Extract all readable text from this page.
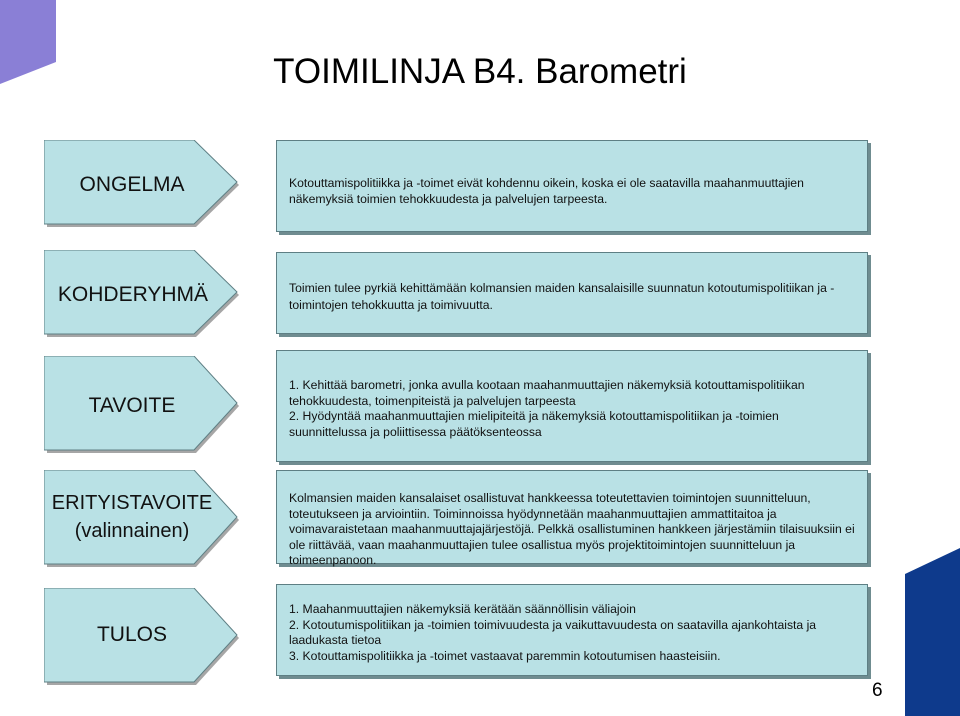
TOIMILINJA B4. Barometri
ONGELMA	Kotouttamispolitiikka ja -toimet eivät kohdennu oikein, koska ei ole saatavilla maahanmuuttajien näkemyksiä toimien tehokkuudesta ja palvelujen tarpeesta.

KOHDERYHMÄ	Toimien tulee pyrkiä kehittämään kolmansien maiden kansalaisille suunnatun kotoutumispolitiikan ja -toimintojen tehokkuutta ja toimivuutta.

TAVOITE

1. Kehittää barometri, jonka avulla kootaan maahanmuuttajien näkemyksiä kotouttamispolitiikan tehokkuudesta, toimenpiteistä ja palvelujen tarpeesta

2. Hyödyntää maahanmuuttajien mielipiteitä ja näkemyksiä kotouttamispolitiikan ja -toimien suunnittelussa ja poliittisessa päätöksenteossa

ERITYISTAVOITE
(valinnainen)

Kolmansien maiden kansalaiset osallistuvat hankkeessa toteutettavien toimintojen suunnitteluun, toteutukseen ja arviointiin. Toiminnoissa hyödynnetään maahanmuuttajien ammattitaitoa ja voimavaraistetaan maahanmuuttajajärjestöjä. Pelkkä osallistuminen hankkeen järjestämiin tilaisuuksiin ei ole riittävää, vaan maahanmuuttajien tulee osallistua myös projektitoimintojen suunnitteluun ja toimeenpanoon.

TULOS

1. Maahanmuuttajien näkemyksiä kerätään säännöllisin väliajoin

2. Kotoutumispolitiikan ja -toimien toimivuudesta ja vaikuttavuudesta on saatavilla ajankohtaista ja laadukasta tietoa

3. Kotouttamispolitiikka ja -toimet vastaavat paremmin kotoutumisen haasteisiin.

6
